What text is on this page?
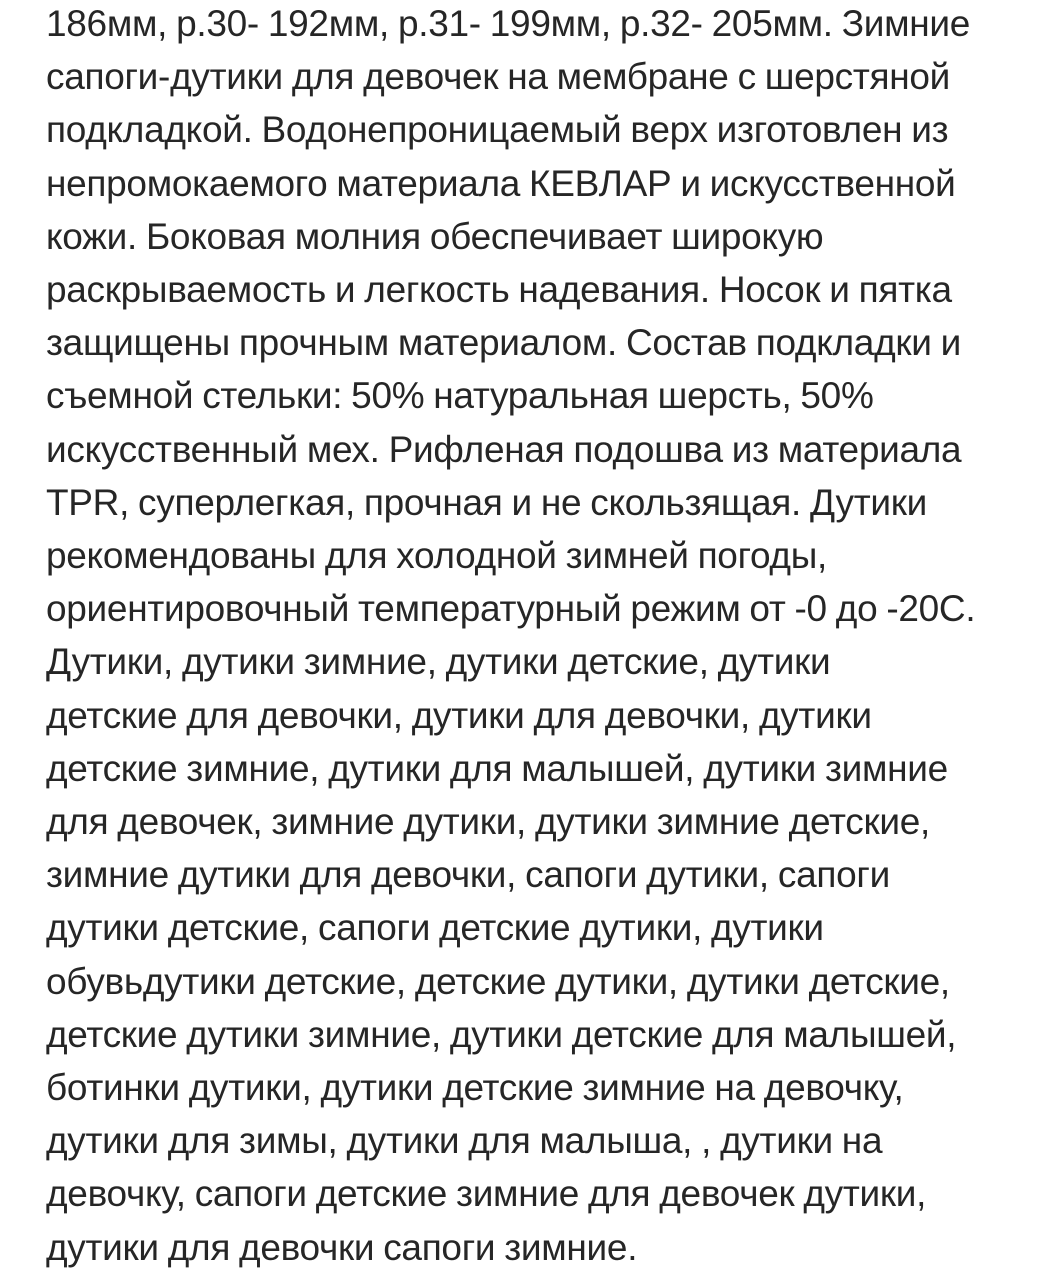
186мм, р.30- 192мм, р.31- 199мм, р.32- 205мм. Зимние
сапоги-дутики для девочек на мембране с шерстяной
подкладкой. Водонепроницаемый верх изготовлен из
непромокаемого материала КЕВЛАР и искусственной
кожи. Боковая молния обеспечивает широкую
раскрываемость и легкость надевания. Носок и пятка
защищены прочным материалом. Состав подкладки и
съемной стельки: 50% натуральная шерсть, 50%
искусственный мех. Рифленая подошва из материала
TPR, суперлегкая, прочная и не скользящая. Дутики
рекомендованы для холодной зимней погоды,
ориентировочный температурный режим от -0 до -20С.
Дутики, дутики зимние, дутики детские, дутики
детские для девочки, дутики для девочки, дутики
детские зимние, дутики для малышей, дутики зимние
для девочек, зимние дутики, дутики зимние детские,
зимние дутики для девочки, сапоги дутики, сапоги
дутики детские, сапоги детские дутики, дутики
обувьдутики детские, детские дутики, дутики детские,
детские дутики зимние, дутики детские для малышей,
ботинки дутики, дутики детские зимние на девочку,
дутики для зимы, дутики для малыша, , дутики на
девочку, сапоги детские зимние для девочек дутики,
дутики для девочки сапоги зимние.
